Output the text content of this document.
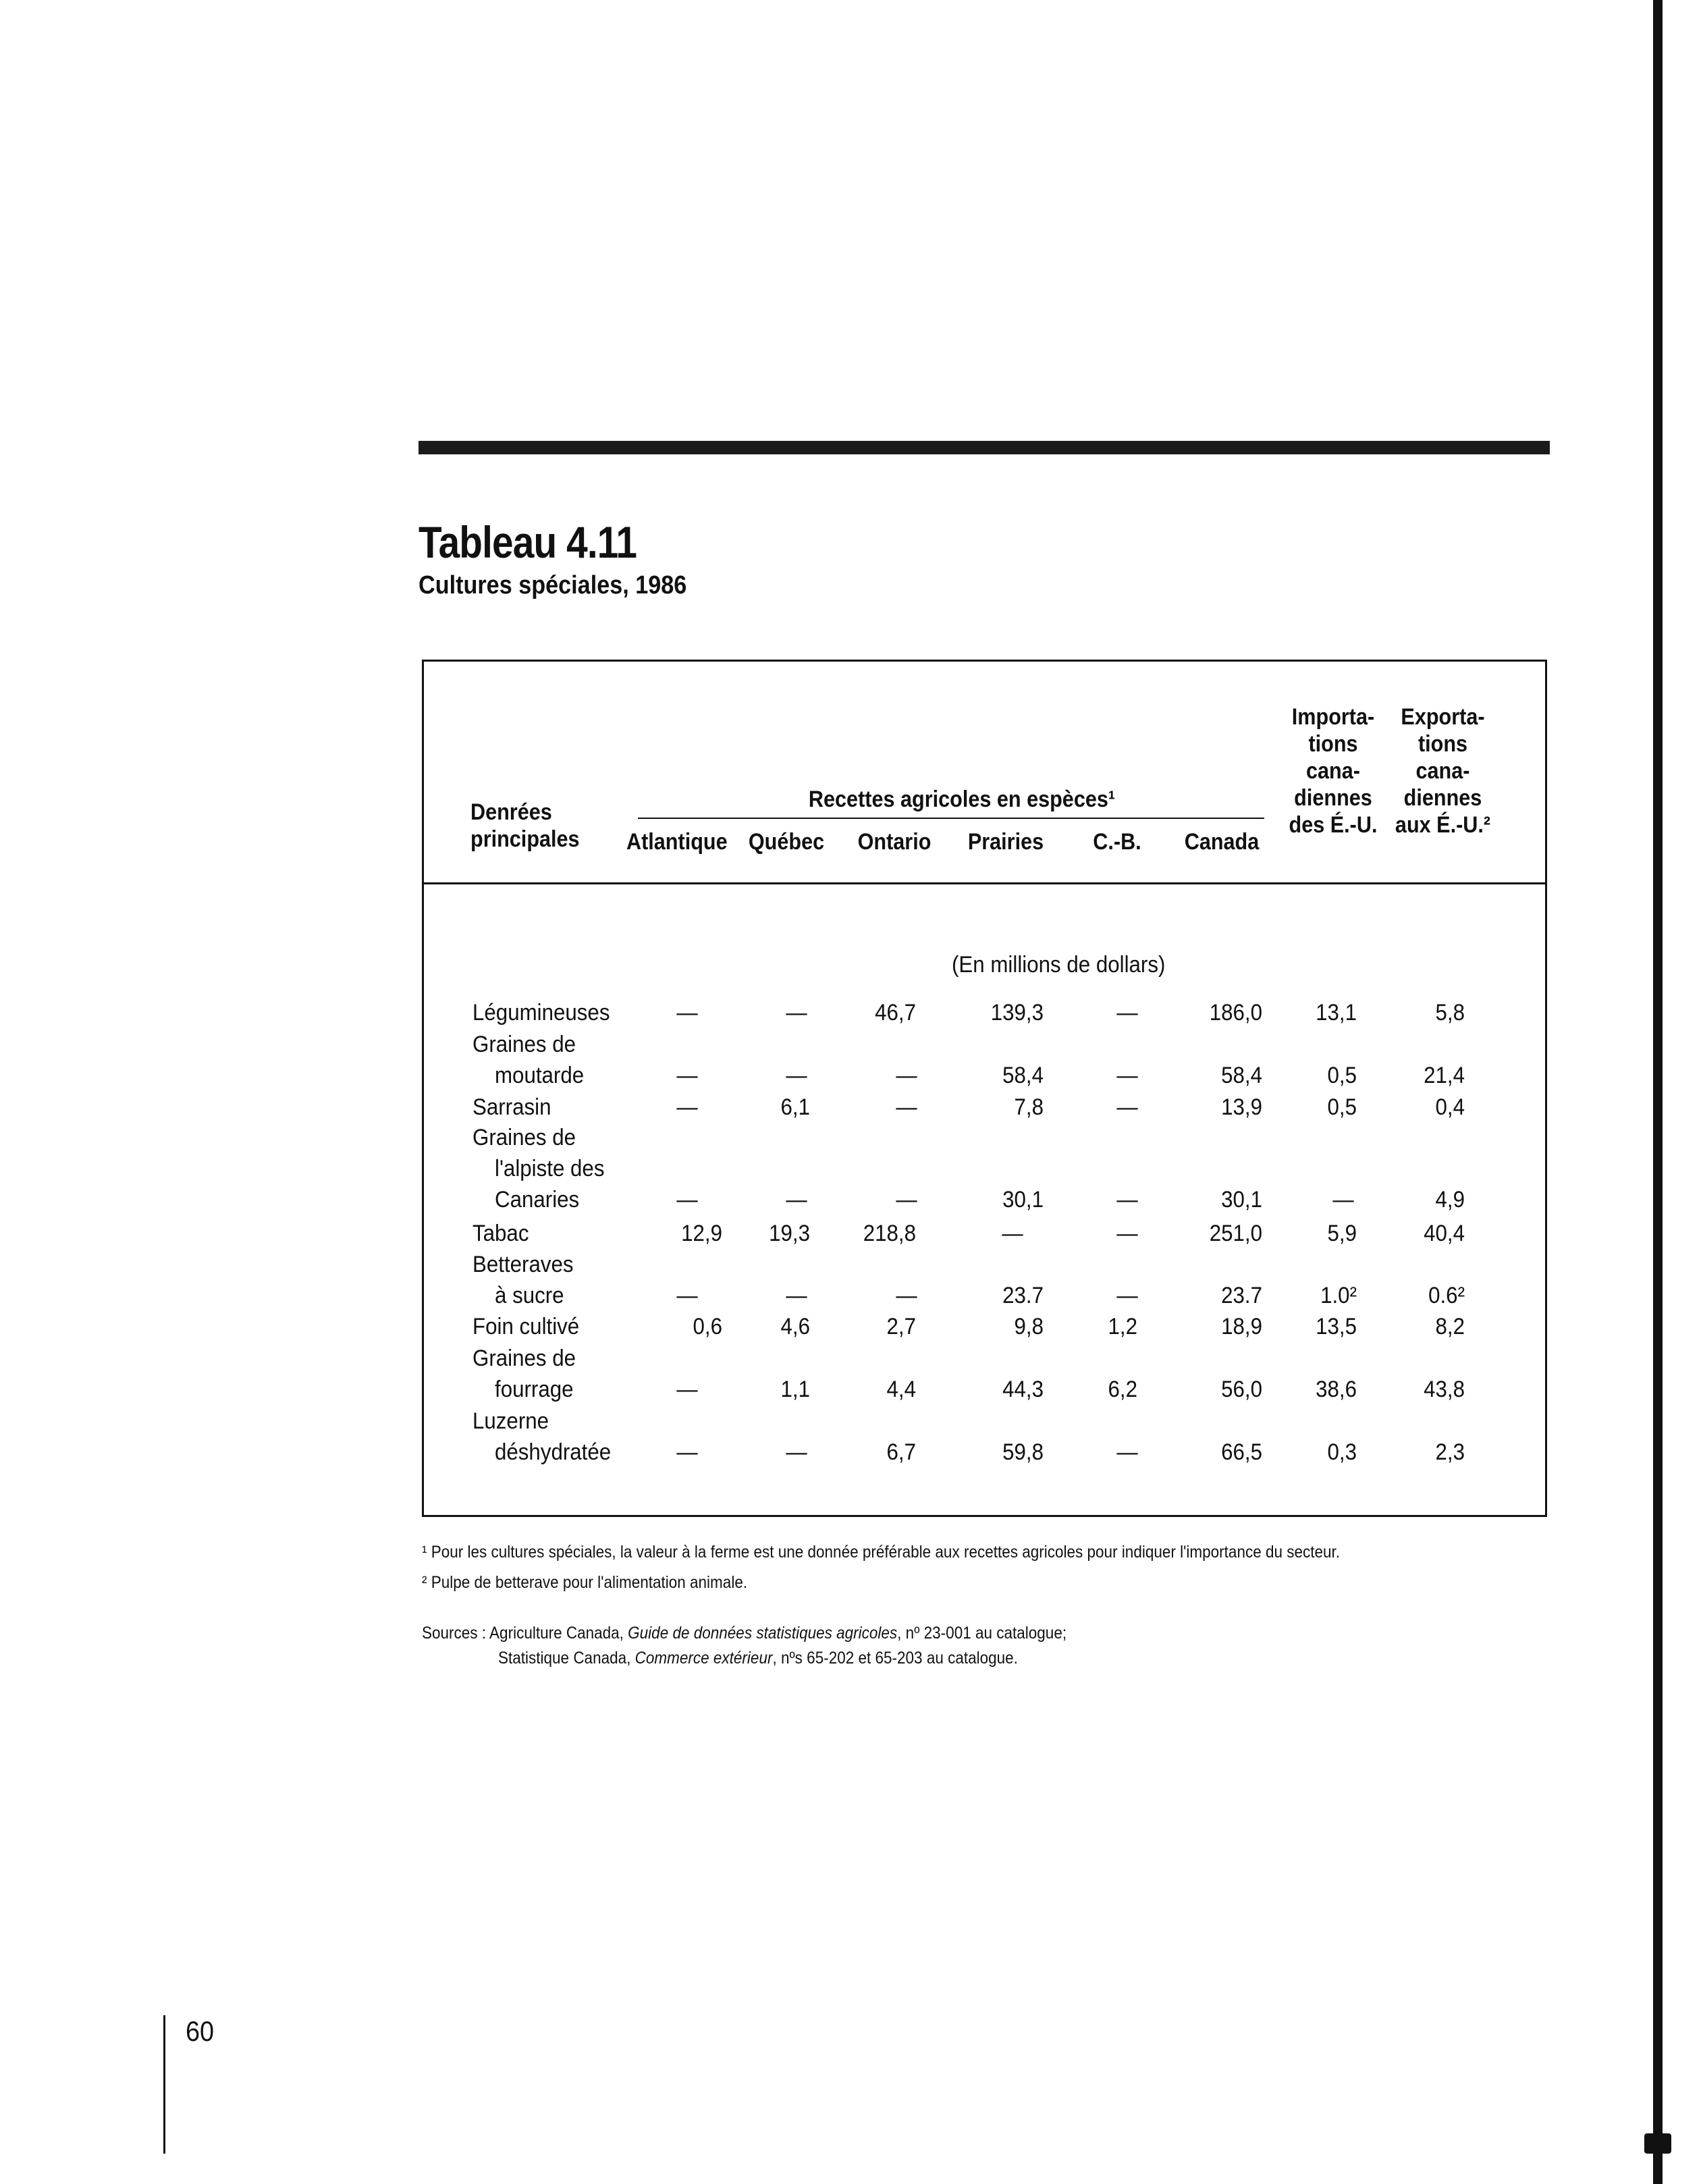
Tableau 4.11
Cultures spéciales, 1986
Denrées
principales
Recettes agricoles en espèces¹
Atlantique Québec	Ontario	Prairies	C.-B.	Canada
Importa-
tions
cana-
diennes
des É.-U.
Exporta-
tions
cana-
diennes
aux É.-U.²
(En millions de dollars)
Légumineuses	—	—	46,7	139,3	—	186,0	13,1	5,8
Graines de
moutarde	—	—	—	58,4	—	58,4	0,5	21,4
Sarrasin	—	6,1	—	7,8	—	13,9	0,5	0,4
Graines de
l'alpiste des
Canaries	—	—	—	30,1	—	30,1	—	4,9
Tabac	12,9	19,3	218,8	—	—	251,0	5,9	40,4
Betteraves
à sucre	—	—	—	23.7	—	23.7	1.0²	0.6²
Foin cultivé	0,6	4,6	2,7	9,8	1,2	18,9	13,5	8,2
Graines de
fourrage	—	1,1	4,4	44,3	6,2	56,0	38,6	43,8
Luzerne
déshydratée	—	—	6,7	59,8	—	66,5	0,3	2,3
¹ Pour les cultures spéciales, la valeur à la ferme est une donnée préférable aux recettes agricoles pour indiquer l'importance du secteur.
² Pulpe de betterave pour l'alimentation animale.
Sources : Agriculture Canada, Guide de données statistiques agricoles, nº 23-001 au catalogue;
Statistique Canada, Commerce extérieur, nºs 65-202 et 65-203 au catalogue.
60
